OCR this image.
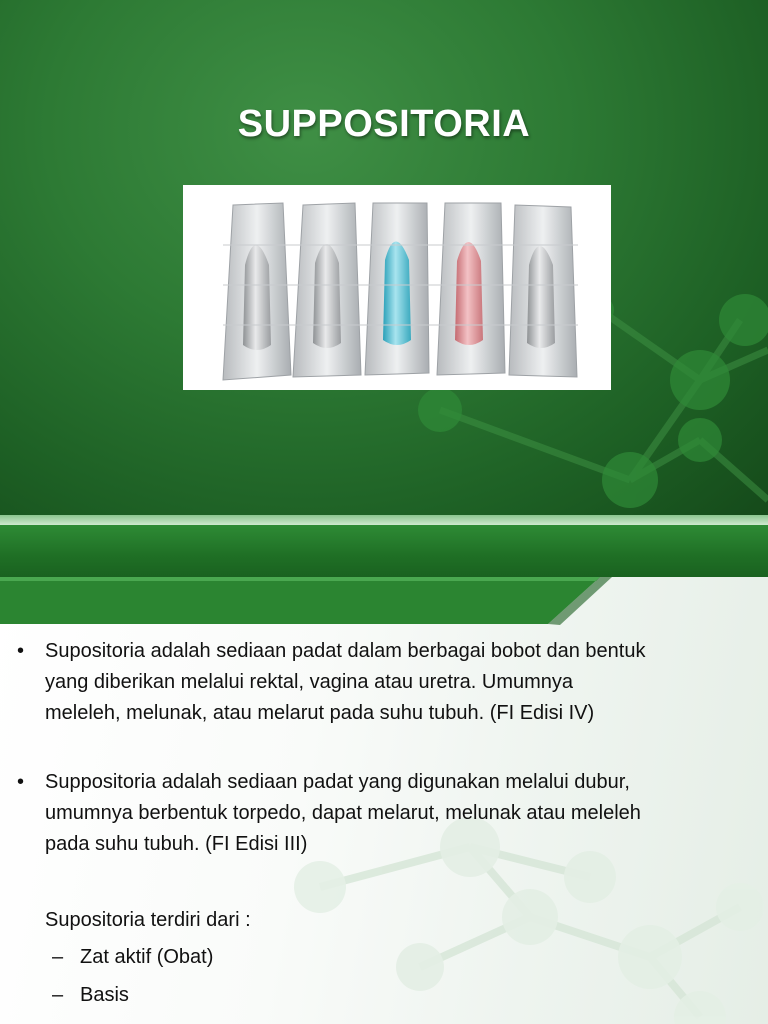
SUPPOSITORIA
• Supositoria adalah sediaan padat dalam berbagai bobot dan bentuk
yang diberikan melalui rektal, vagina atau uretra. Umumnya
meleleh, melunak, atau melarut pada suhu tubuh. (FI Edisi IV)
• Suppositoria adalah sediaan padat yang digunakan melalui dubur,
umumnya berbentuk torpedo, dapat melarut, melunak atau meleleh
pada suhu tubuh. (FI Edisi III)
Supositoria terdiri dari :
– Zat aktif (Obat)
– Basis
